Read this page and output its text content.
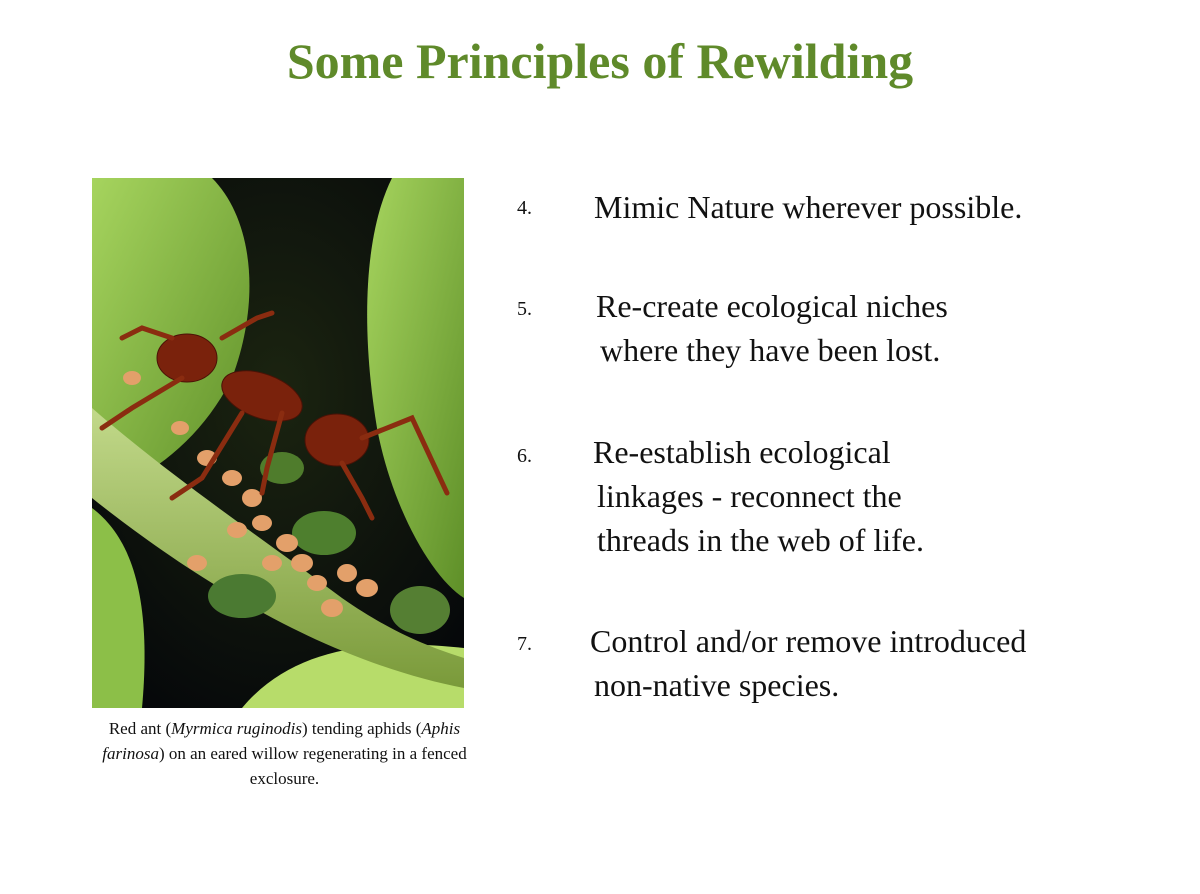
Some Principles of Rewilding
Red ant (Myrmica ruginodis) tending aphids (Aphis farinosa) on an eared willow regenerating in a fenced exclosure.
4. Mimic Nature wherever possible.
5. Re-create ecological niches
where they have been lost.
6. Re-establish ecological
linkages - reconnect the
threads in the web of life.
7. Control and/or remove introduced
non-native species.
